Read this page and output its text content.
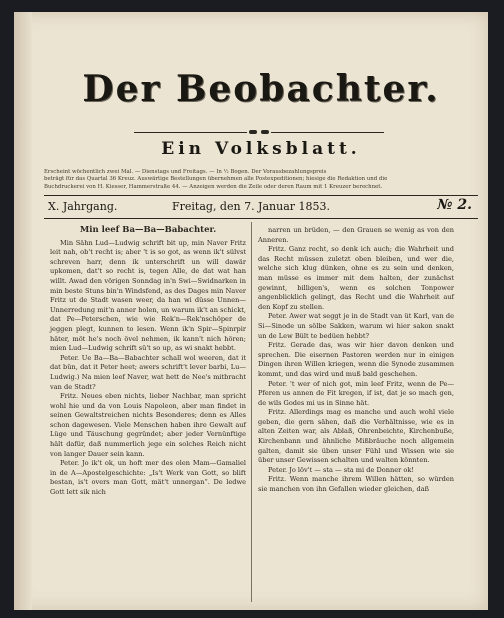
Der Beobachter.
Ein Volksblatt.
Erscheint wöchentlich zwei Mal. — Dienstags und Freitags. — In ½ Bogen. Der Vorausbezahlungspreis
beträgt für das Quartal 36 Kreuz. Auswärtige Bestellungen übernehmen alle Postexpeditionen; hiesige die Redaktion und die
Buchdruckerei von H. Kiesser, Hammerstraße 44. — Anzeigen werden die Zeile oder deren Raum mit 1 Kreuzer berechnet.
X. Jahrgang.	Freitag, den 7. Januar 1853.	№ 2.
Min leef Ba—Ba—Babachter.

Min Sähn Lud—Ludwig schrift bit up, min Naver Fritz leit nah, ob't recht is; aber 't is so got, as wenn ik't sülvst schreven harr, denn ik unterschrift un will dawär upkomen, dat't so recht is, tegen Alle, de dat wat han willt. Awad den vörigen Sonndag in'n Swi—Swidnarken in min beste Stuns bin'n Windsfend, as des Dages min Naver Fritz ut de Stadt wasen weer, da han wi düsse Unnen—Unnerredung mit'n anner holen, un warum ik't an schickt, dat Pe—Peterschen, wie wie Rek'n—Rek'nschöper de jeggen plegt, kunnen to lesen. Wenn ik'n Spir—Spinrpir häter, möt he's noch övel nehmen, ik kann't nich hören; mien Lud—Ludwig schrift sü't so up, as wi snakt hebbt.

Peter. Ue Ba—Ba—Babachter schall wol weeren, dat it dat bün, dat it Peter heet; awers schrift't lever barbi, Lu—Ludwig.) Na mien leef Naver, wat hett de Nee's mitbracht van de Stadt?

Fritz. Neues eben nichts, lieber Nachbar, man spricht wohl hie und da von Louis Napoleon, aber man findet in seinen Gewaltstreichen nichts Besonderes; denn es Alles schon dagewesen. Viele Menschen haben ihre Gewalt auf Lüge und Täuschung gegründet; aber jeder Vernünftige hält dafür, daß nummerlich jege ein solches Reich nicht von langer Dauer sein kann.

Peter. Jo ik't ok, un hoft mer des olen Mam—Gamaliel in de A—Apostelgeschichte: „Is't Werk van Gott, so blift bestan, is't overs man Gott, mät't unnergan“. De ledwe Gott lett sik nich

narren un brüden, — den Grauen se wenig as von den Anneren.

Fritz. Ganz recht, so denk ich auch; die Wahrheit und das Recht müssen zuletzt oben bleiben, und wer die, welche sich klug dünken, ohne es zu sein und denken, man müsse es immer mit dem halten, der zunächst gewinnt, billigen's, wenn es solchen Tonpower angenblicklich gelingt, das Recht und die Wahrheit auf den Kopf zu stellen.

Peter. Awer wat seggt je in de Stadt van üt Karl, van de Si—Sinode un sölbe Sakken, warum wi hier sakon snakt un de Lew Bült te bedüen hebbt?

Fritz. Gerade das, was wir hier davon denken und sprechen. Die eisernen Pastoren werden nur in einigen Dingen ihren Willen kriegen, wenn die Synode zusammen kommt, und das wird und muß bald geschehen.

Peter. 't wer of nich got, min leef Fritz, wenn de Pe—Pferen us annen de Fit kregen, if ist, dat je so mach gen, de wils Godes mi us in Sinne hät.

Fritz. Allerdings mag es manche und auch wohl viele geben, die gern sähen, daß die Verhältnisse, wie es in alten Zeiten war, als Ablaß, Ohrenbeichte, Kirchenbuße, Kirchenbann und ähnliche Mißbräuche noch allgemein galten, damit sie üben unser Fühl und Wissen wie sie über unser Gewissen schalten und walten könnten.

Peter. Jo löv't — sta — sta mi de Donner ok!

Fritz. Wenn manche ihrem Willen hätten, so würden sie manchen von ihn Gefallen wieder gleichen, daß
